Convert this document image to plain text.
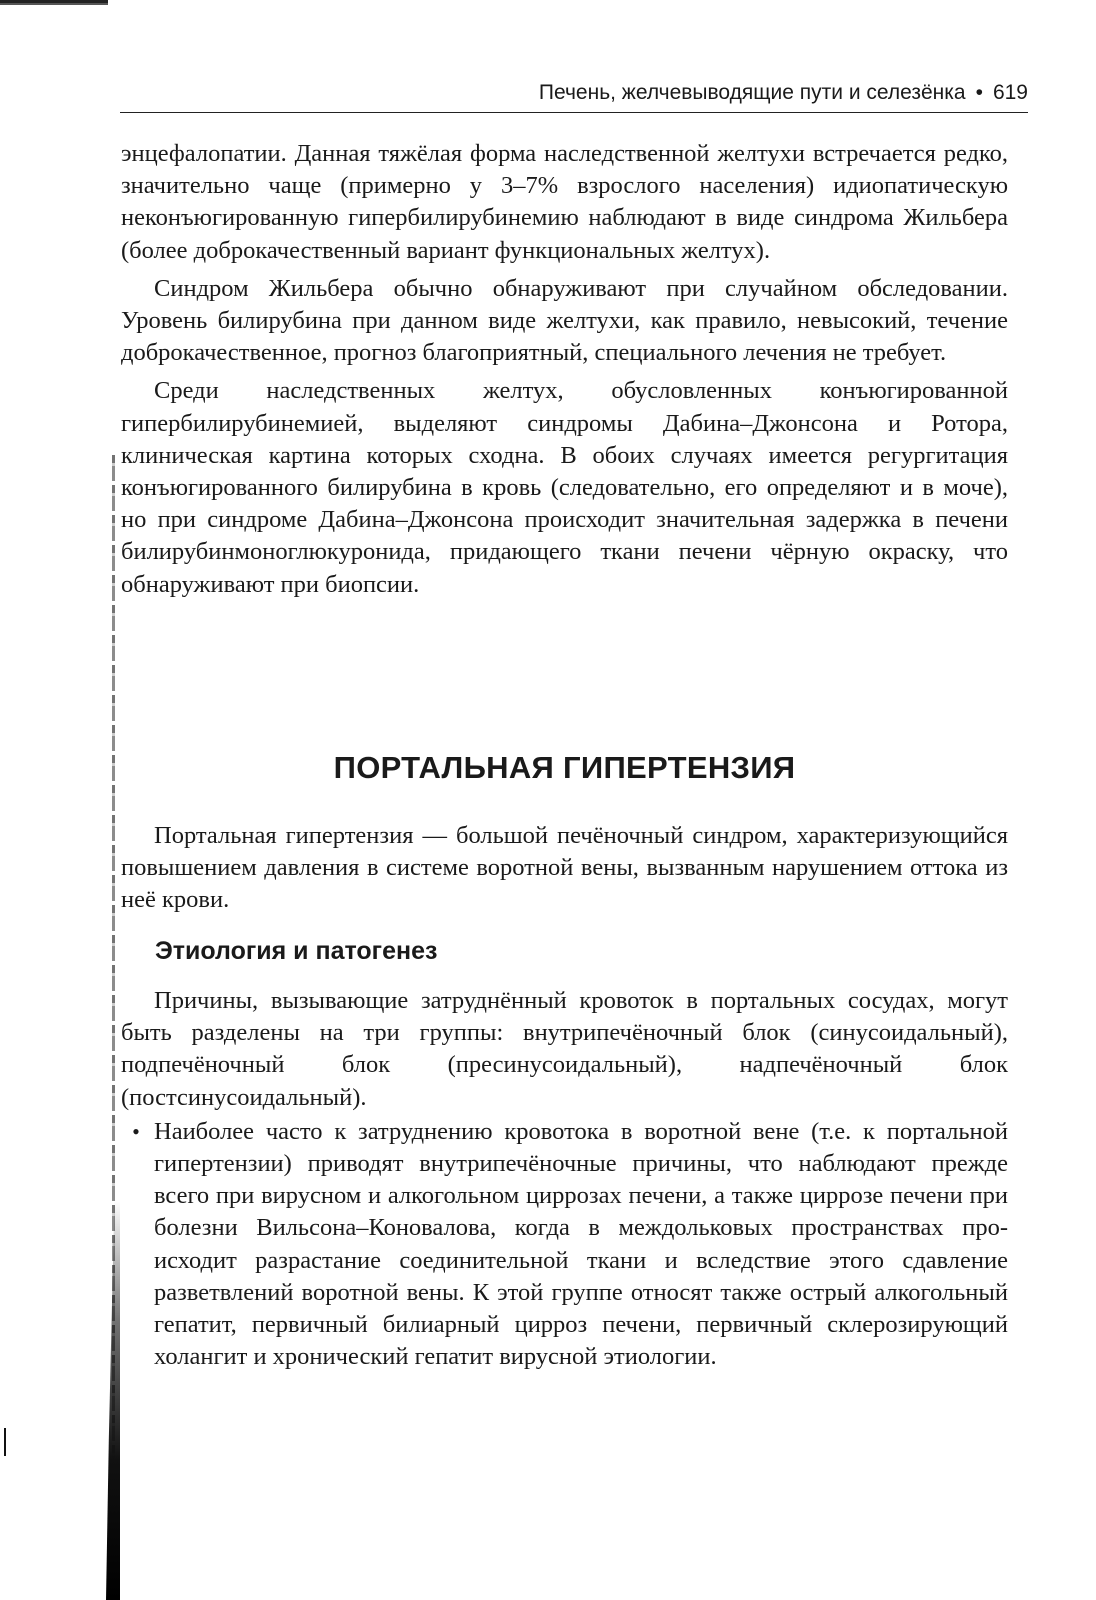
Печень, желчевыводящие пути и селезёнка • 619

энцефалопатии. Данная тяжёлая форма наследственной желтухи встречается редко, значительно чаще (примерно у 3–7% взрослого населения) идиопатическую неконъюгированную гипербилирубинемию наблюдают в виде синдрома Жильбера (более доброкачественный вариант функциональных желтух).

Синдром Жильбера обычно обнаруживают при случайном обследовании. Уровень билирубина при данном виде желтухи, как правило, невысокий, течение доброкачественное, прогноз благоприятный, специального лечения не требует.

Среди наследственных желтух, обусловленных конъюгированной гипербилирубинемией, выделяют синдромы Дабина–Джонсона и Ротора, клиническая картина которых сходна. В обоих случаях имеется регургитация конъюгированного билирубина в кровь (следовательно, его определяют и в моче), но при синдроме Дабина–Джонсона происходит значительная задержка в печени билирубинмоноглюкуронида, придающего ткани печени чёрную окраску, что обнаруживают при биопсии.

ПОРТАЛЬНАЯ ГИПЕРТЕНЗИЯ

Портальная гипертензия — большой печёночный синдром, характеризующийся повышением давления в системе воротной вены, вызванным нарушением оттока из неё крови.

Этиология и патогенез

Причины, вызывающие затруднённый кровоток в портальных сосудах, могут быть разделены на три группы: внутрипечёночный блок (синусоидальный), подпечёночный блок (пресинусоидальный), надпечёночный блок (постсинусоидальный).

• Наиболее часто к затруднению кровотока в воротной вене (т.е. к портальной гипертензии) приводят внутрипечёночные причины, что наблюдают прежде всего при вирусном и алкогольном циррозах печени, а также циррозе печени при болезни Вильсона–Коновалова, когда в междольковых пространствах происходит разрастание соединительной ткани и вследствие этого сдавление разветвлений воротной вены. К этой группе относят также острый алкогольный гепатит, первичный билиарный цирроз печени, первичный склерозирующий холангит и хронический гепатит вирусной этиологии.
